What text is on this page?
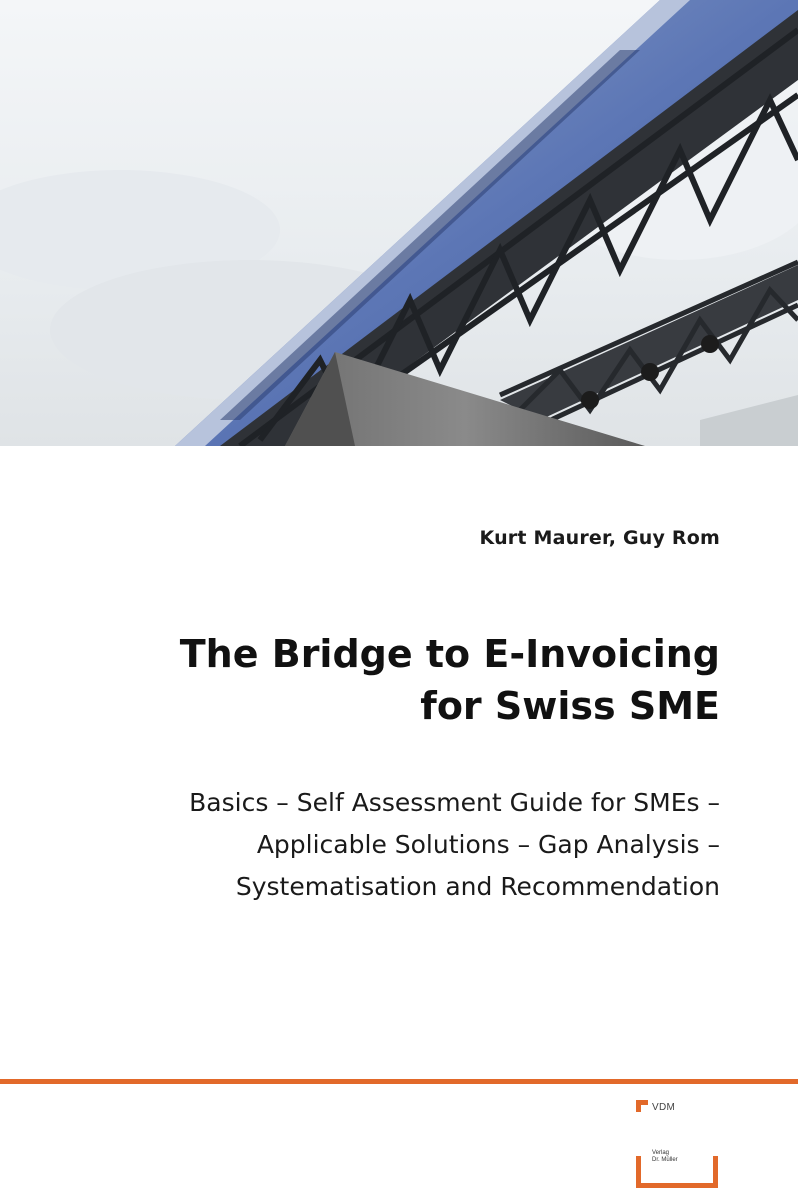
Kurt Maurer, Guy Rom
The Bridge to E-Invoicing
for Swiss SME
Basics – Self Assessment Guide for SMEs –
Applicable Solutions – Gap Analysis –
Systematisation and Recommendation
VDM
Verlag
Dr. Müller
